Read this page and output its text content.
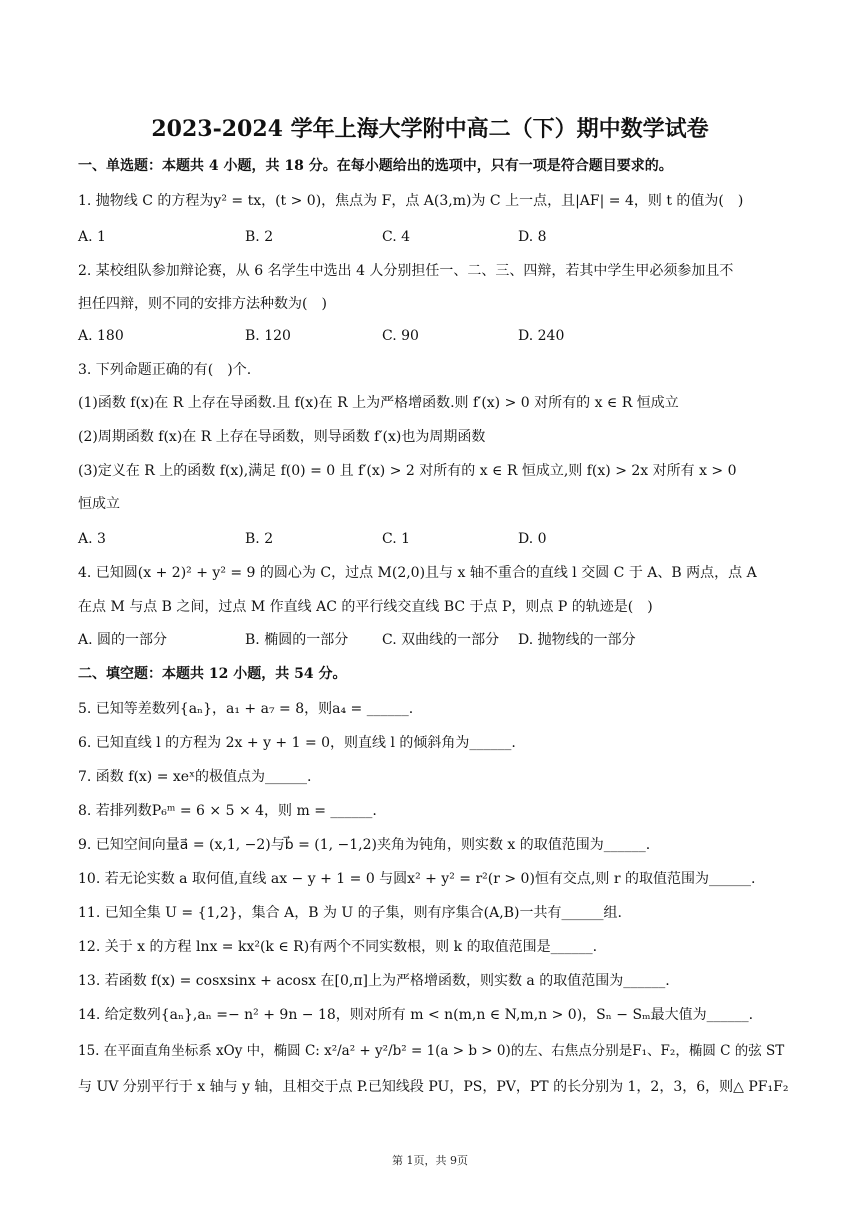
2023-2024 学年上海大学附中高二（下）期中数学试卷
一、单选题：本题共 4 小题，共 18 分。在每小题给出的选项中，只有一项是符合题目要求的。
1. 抛物线 C 的方程为y² = tx，(t > 0)，焦点为 F，点 A(3,m)为 C 上一点，且|AF| = 4，则 t 的值为(　)
A. 1	B. 2	C. 4	D. 8
2. 某校组队参加辩论赛，从 6 名学生中选出 4 人分别担任一、二、三、四辩，若其中学生甲必须参加且不
担任四辩，则不同的安排方法种数为(　)
A. 180	B. 120	C. 90	D. 240
3. 下列命题正确的有(　)个.
(1)函数 f(x)在 R 上存在导函数.且 f(x)在 R 上为严格增函数.则 f′(x) > 0 对所有的 x ∈ R 恒成立
(2)周期函数 f(x)在 R 上存在导函数，则导函数 f′(x)也为周期函数
(3)定义在 R 上的函数 f(x),满足 f(0) = 0 且 f′(x) > 2 对所有的 x ∈ R 恒成立,则 f(x) > 2x 对所有 x > 0
恒成立
A. 3	B. 2	C. 1	D. 0
4. 已知圆(x + 2)² + y² = 9 的圆心为 C，过点 M(2,0)且与 x 轴不重合的直线 l 交圆 C 于 A、B 两点，点 A
在点 M 与点 B 之间，过点 M 作直线 AC 的平行线交直线 BC 于点 P，则点 P 的轨迹是(　)
A. 圆的一部分	B. 椭圆的一部分 C. 双曲线的一部分 D. 抛物线的一部分
二、填空题：本题共 12 小题，共 54 分。
5. 已知等差数列{aₙ}，a₁ + a₇ = 8，则a₄ = ______.
6. 已知直线 l 的方程为 2x + y + 1 = 0，则直线 l 的倾斜角为______.
7. 函数 f(x) = xeˣ的极值点为______.
8. 若排列数P₆ᵐ = 6 × 5 × 4，则 m = ______.
9. 已知空间向量a⃗ = (x,1, −2)与b⃗ = (1, −1,2)夹角为钝角，则实数 x 的取值范围为______.
10. 若无论实数 a 取何值,直线 ax − y + 1 = 0 与圆x² + y² = r²(r > 0)恒有交点,则 r 的取值范围为______.
11. 已知全集 U = {1,2}，集合 A，B 为 U 的子集，则有序集合(A,B)一共有______组.
12. 关于 x 的方程 lnx = kx²(k ∈ R)有两个不同实数根，则 k 的取值范围是______.
13. 若函数 f(x) = cosxsinx + acosx 在[0,π]上为严格增函数，则实数 a 的取值范围为______.
14. 给定数列{aₙ},aₙ =− n² + 9n − 18，则对所有 m < n(m,n ∈ N,m,n > 0)，Sₙ − Sₘ最大值为______.
15. 在平面直角坐标系 xOy 中，椭圆 C: x²/a² + y²/b² = 1(a > b > 0)的左、右焦点分别是F₁、F₂，椭圆 C 的弦 ST
与 UV 分别平行于 x 轴与 y 轴，且相交于点 P.已知线段 PU，PS，PV，PT 的长分别为 1，2，3，6，则△ PF₁F₂
第 1页，共 9页
